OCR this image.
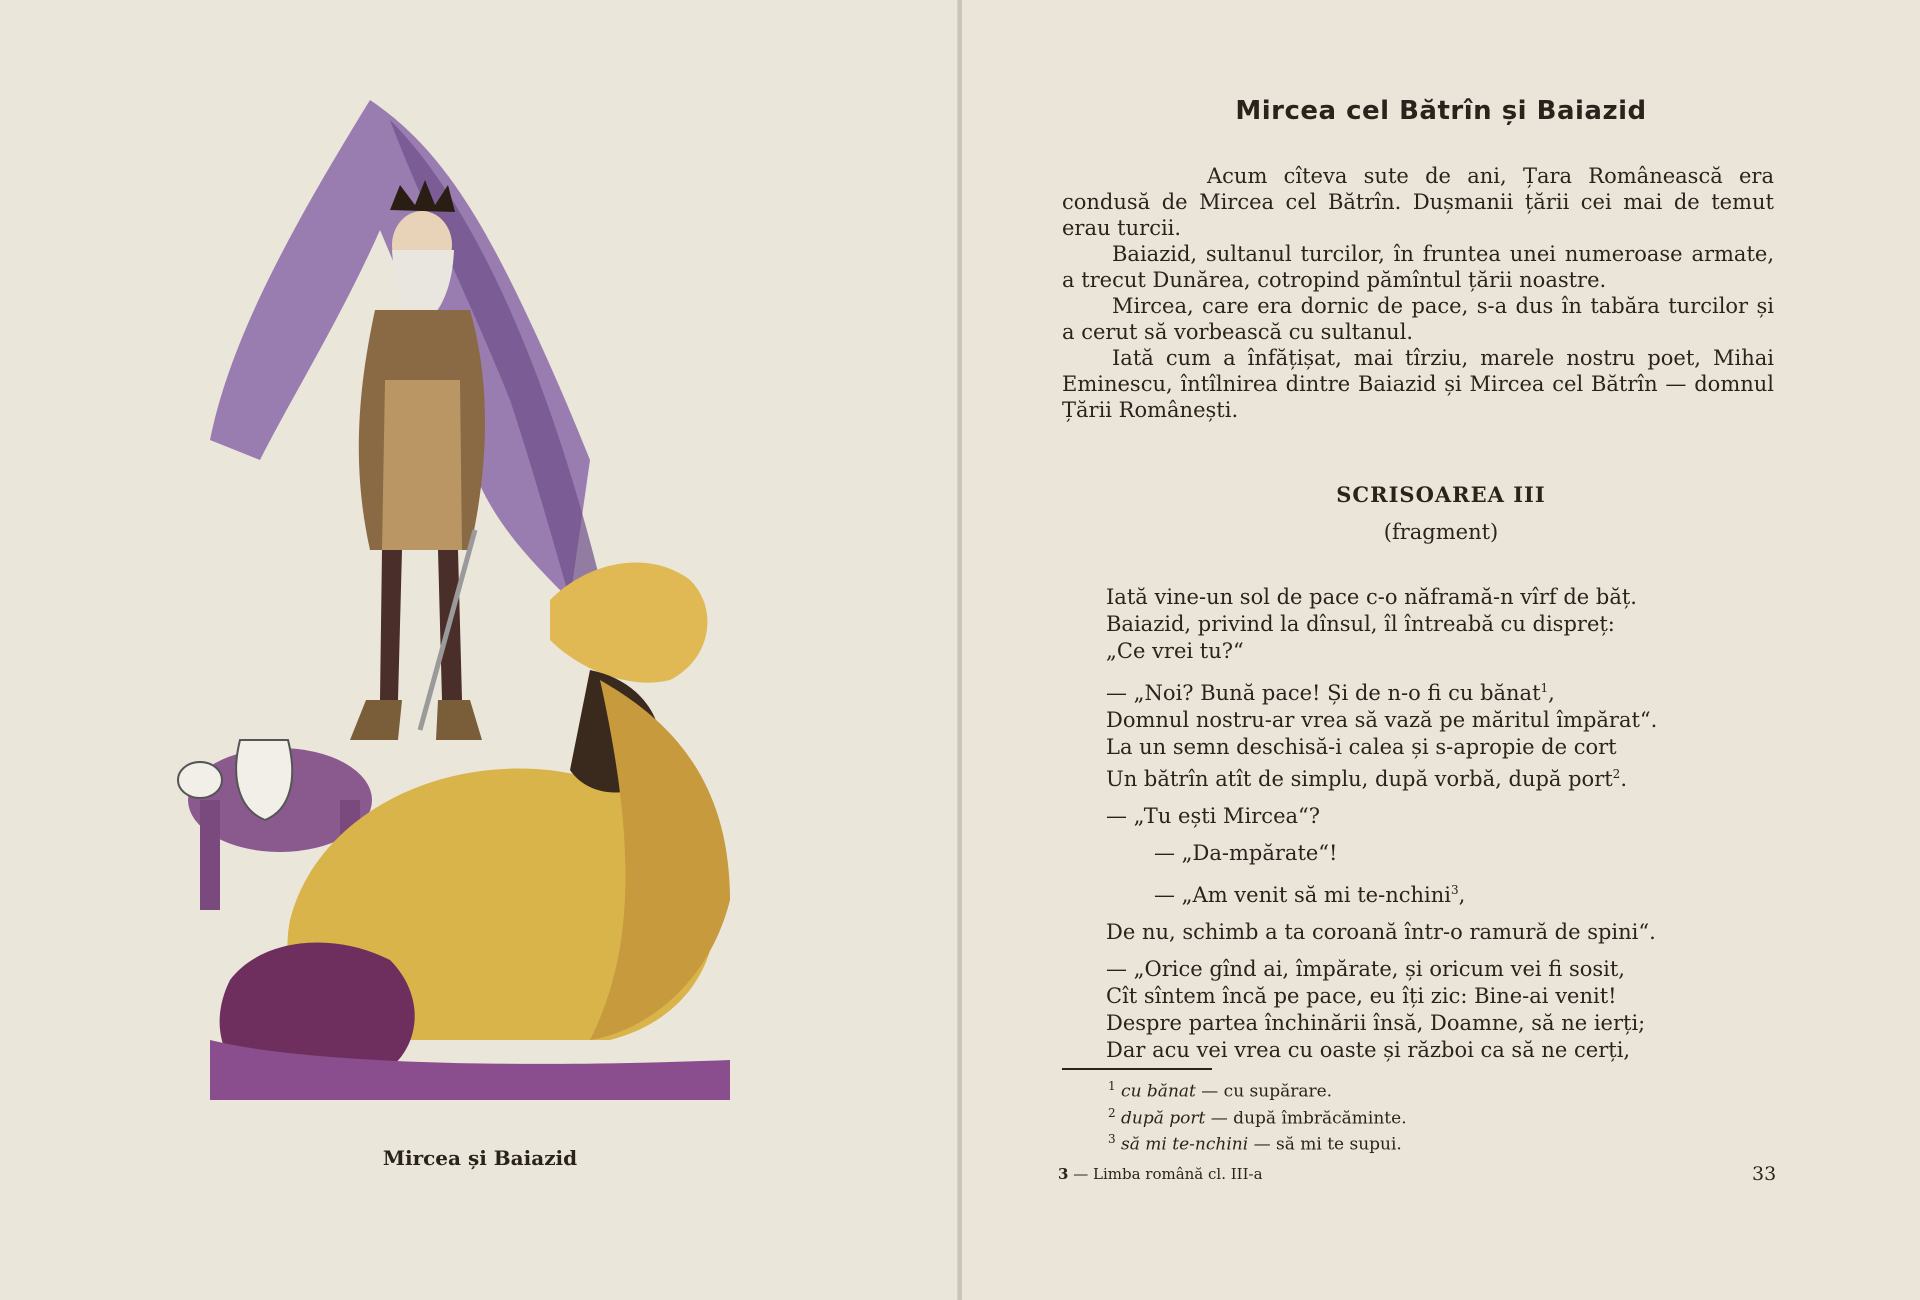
Mircea și Baiazid
Mircea cel Bătrîn și Baiazid

Acum cîteva sute de ani, Țara Românească era condusă de Mircea cel Bătrîn. Dușmanii țării cei mai de temut erau turcii.

Baiazid, sultanul turcilor, în fruntea unei numeroase armate, a trecut Dunărea, cotropind pămîntul țării noastre.

Mircea, care era dornic de pace, s-a dus în tabăra turcilor și a cerut să vorbească cu sultanul.

Iată cum a înfățișat, mai tîrziu, marele nostru poet, Mihai Eminescu, întîlnirea dintre Baiazid și Mircea cel Bătrîn — domnul Țării Românești.

SCRISOAREA III
(fragment)
Iată vine-un sol de pace c-o năframă-n vîrf de băț.
Baiazid, privind la dînsul, îl întreabă cu dispreț:
„Ce vrei tu?“
— „Noi? Bună pace! Și de n-o fi cu bănat$^1$,
Domnul nostru-ar vrea să vază pe măritul împărat“.
La un semn deschisă-i calea și s-apropie de cort
Un bătrîn atît de simplu, după vorbă, după port$^2$.
— „Tu ești Mircea“?
— „Da-mpărate“!
— „Am venit să mi te-nchini$^3$,
De nu, schimb a ta coroană într-o ramură de spini“.
— „Orice gînd ai, împărate, și oricum vei fi sosit,
Cît sîntem încă pe pace, eu îți zic: Bine-ai venit!
Despre partea închinării însă, Doamne, să ne ierți;
Dar acu vei vrea cu oaste și război ca să ne cerți,
$^1$ cu bănat — cu supărare.
$^2$ după port — după îmbrăcăminte.
$^3$ să mi te-nchini — să mi te supui.
3 — Limba română cl. III-a	33
